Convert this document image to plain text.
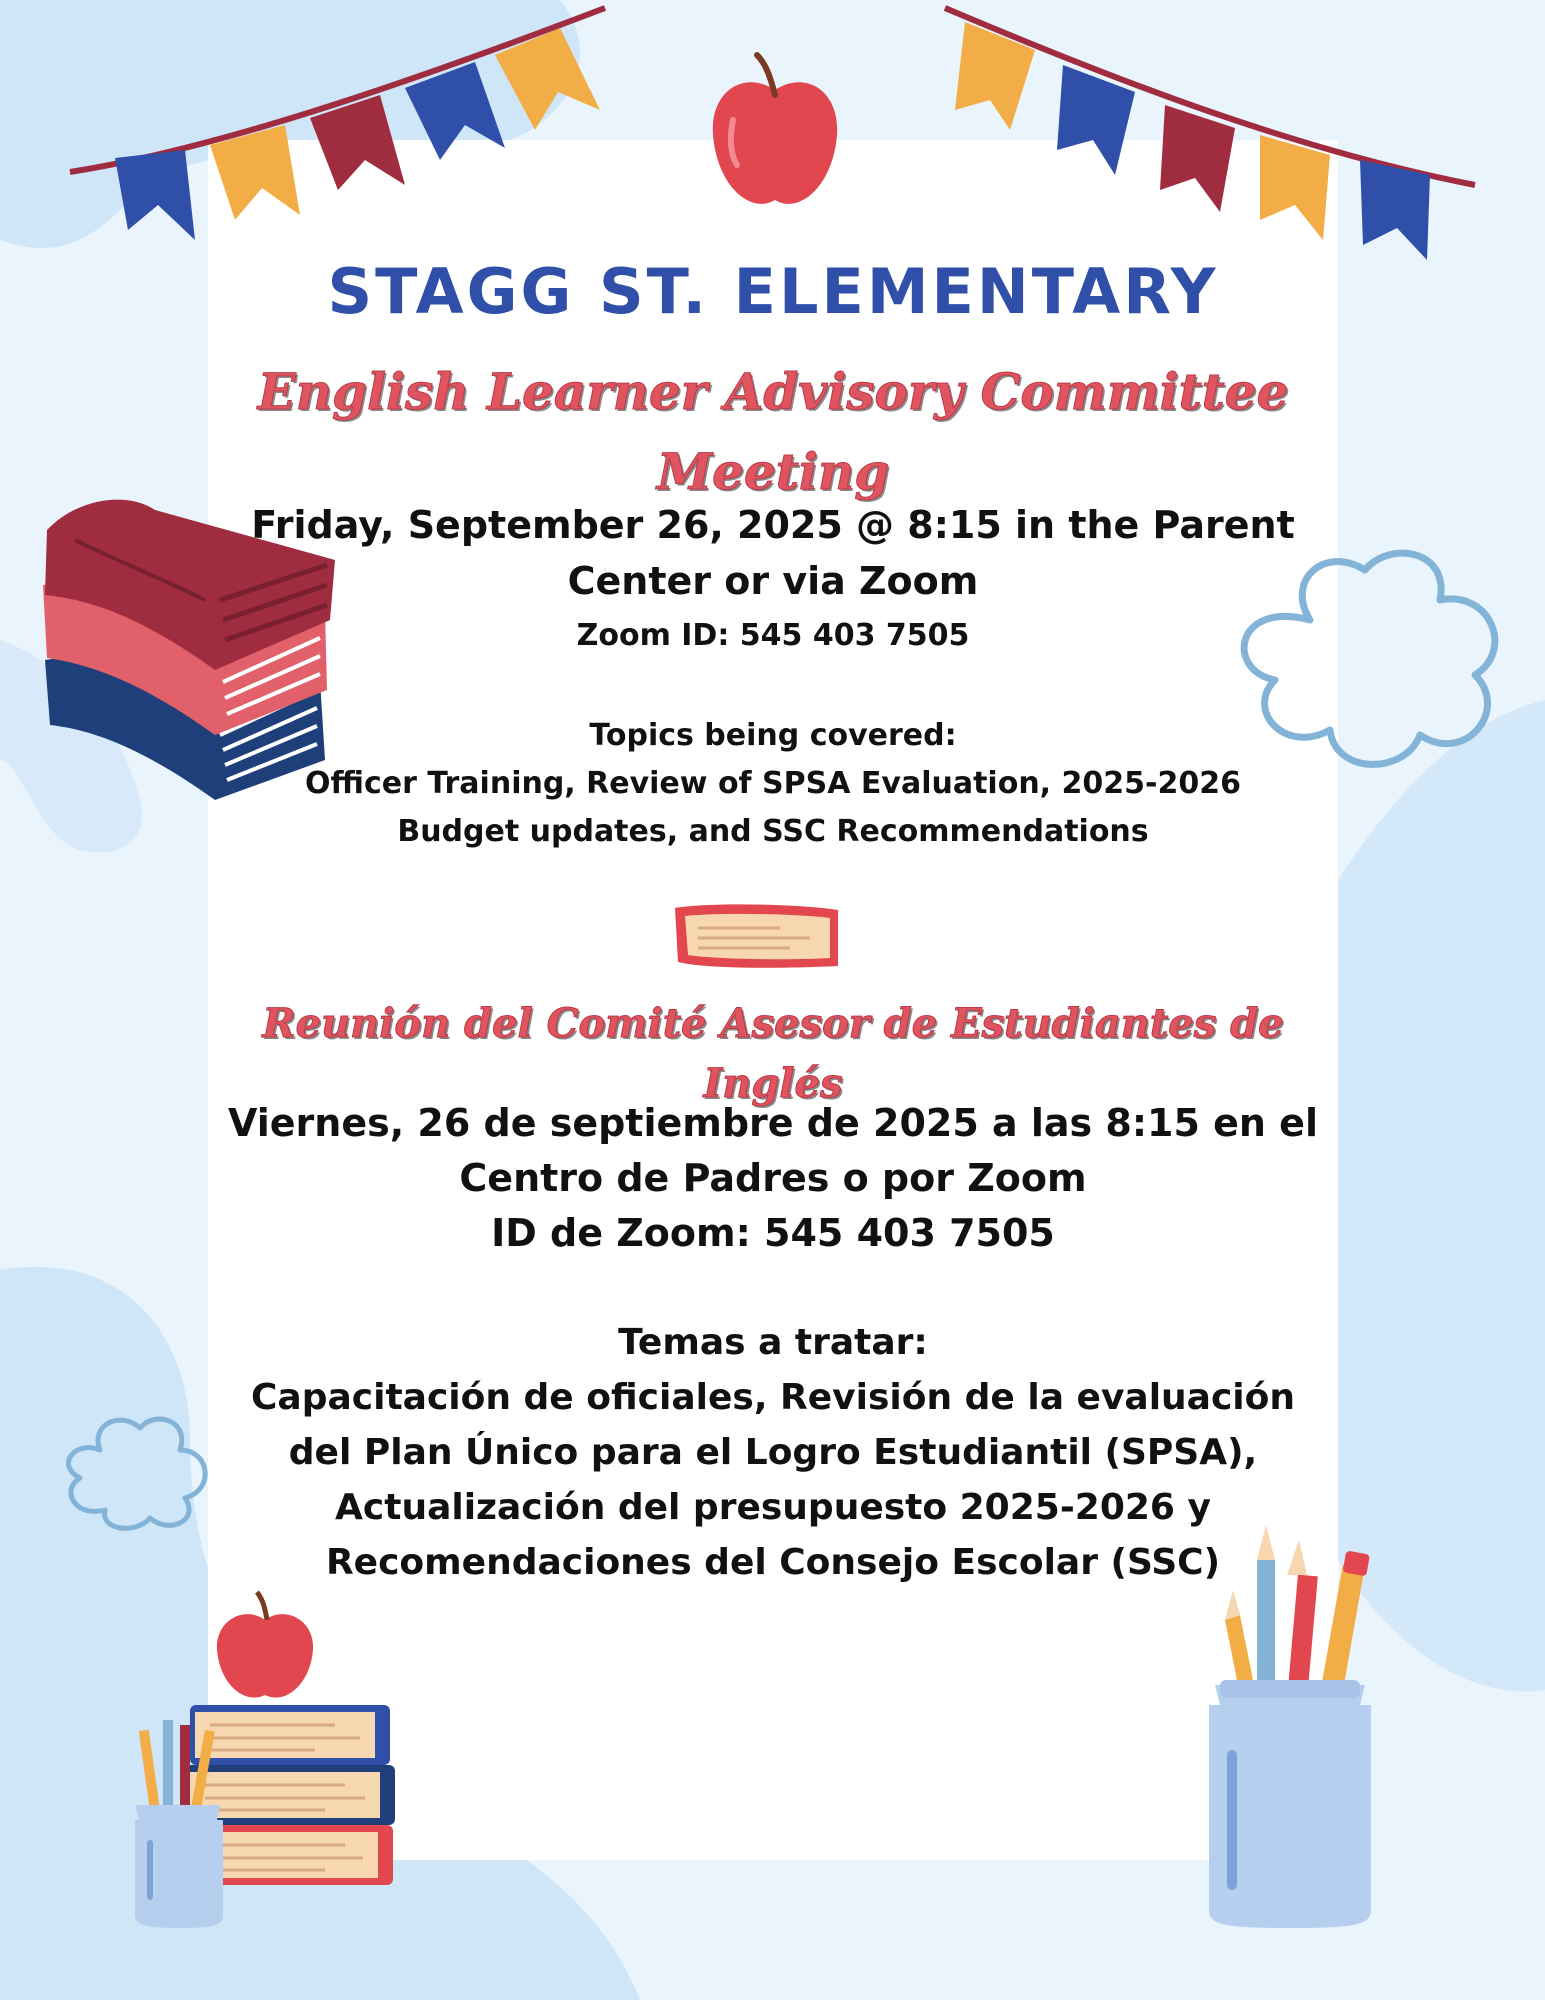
STAGG ST. ELEMENTARY
English Learner Advisory Committee
Meeting
Friday, September 26, 2025 @ 8:15 in the Parent
Center or via Zoom
Zoom ID: 545 403 7505
Topics being covered:
Officer Training, Review of SPSA Evaluation, 2025-2026
Budget updates, and SSC Recommendations
Reunión del Comité Asesor de Estudiantes de Inglés
Viernes, 26 de septiembre de 2025 a las 8:15 en el
Centro de Padres o por Zoom
ID de Zoom: 545 403 7505
Temas a tratar:
Capacitación de oficiales, Revisión de la evaluación
del Plan Único para el Logro Estudiantil (SPSA),
Actualización del presupuesto 2025-2026 y
Recomendaciones del Consejo Escolar (SSC)
